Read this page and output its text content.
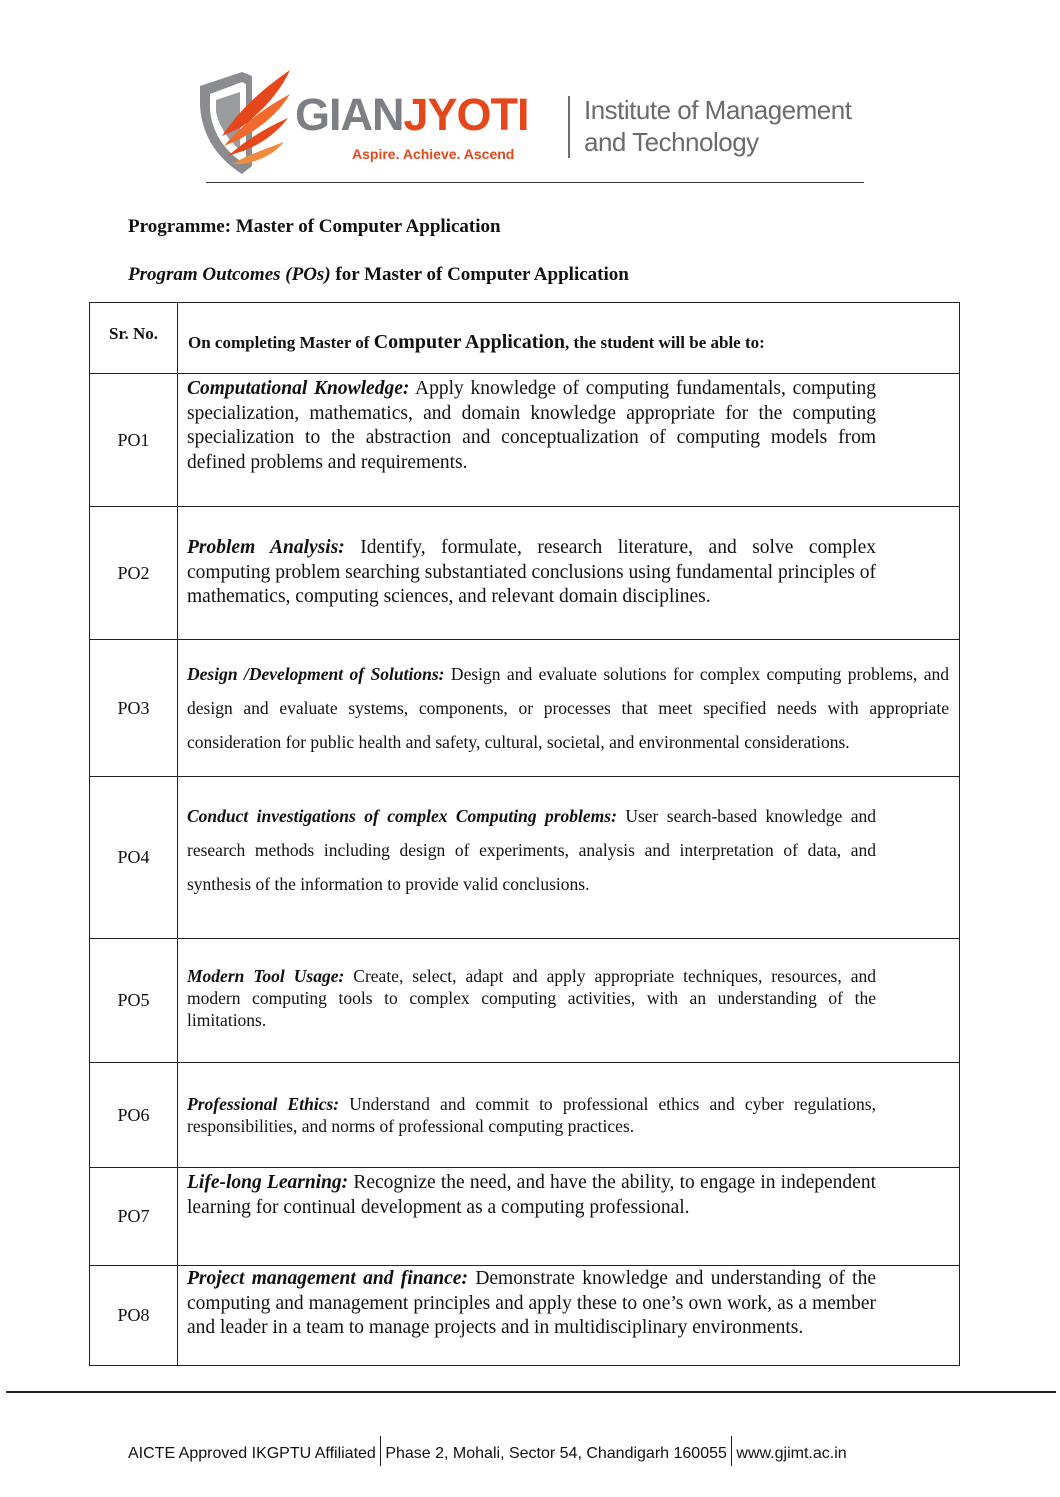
GIANJYOTI
Aspire. Achieve. Ascend
Institute of Management
and Technology
Programme: Master of Computer Application
Program Outcomes (POs) for Master of Computer Application
Sr. No.	On completing Master of Computer Application, the student will be able to:
PO1	Computational Knowledge: Apply knowledge of computing fundamentals, computing specialization, mathematics, and domain knowledge appropriate for the computing specialization to the abstraction and conceptualization of computing models from defined problems and requirements.
PO2	Problem Analysis: Identify, formulate, research literature, and solve complex computing problem searching substantiated conclusions using fundamental principles of mathematics, computing sciences, and relevant domain disciplines.
PO3	Design /Development of Solutions: Design and evaluate solutions for complex computing problems, and design and evaluate systems, components, or processes that meet specified needs with appropriate consideration for public health and safety, cultural, societal, and environmental considerations.
PO4	Conduct investigations of complex Computing problems: User search-based knowledge and research methods including design of experiments, analysis and interpretation of data, and synthesis of the information to provide valid conclusions.
PO5	Modern Tool Usage: Create, select, adapt and apply appropriate techniques, resources, and modern computing tools to complex computing activities, with an understanding of the limitations.
PO6	Professional Ethics: Understand and commit to professional ethics and cyber regulations, responsibilities, and norms of professional computing practices.
PO7	Life-long Learning: Recognize the need, and have the ability, to engage in independent learning for continual development as a computing professional.
PO8	Project management and finance: Demonstrate knowledge and understanding of the computing and management principles and apply these to one’s own work, as a member and leader in a team to manage projects and in multidisciplinary environments.
AICTE Approved IKGPTU Affiliated Phase 2, Mohali, Sector 54, Chandigarh 160055 www.gjimt.ac.in
